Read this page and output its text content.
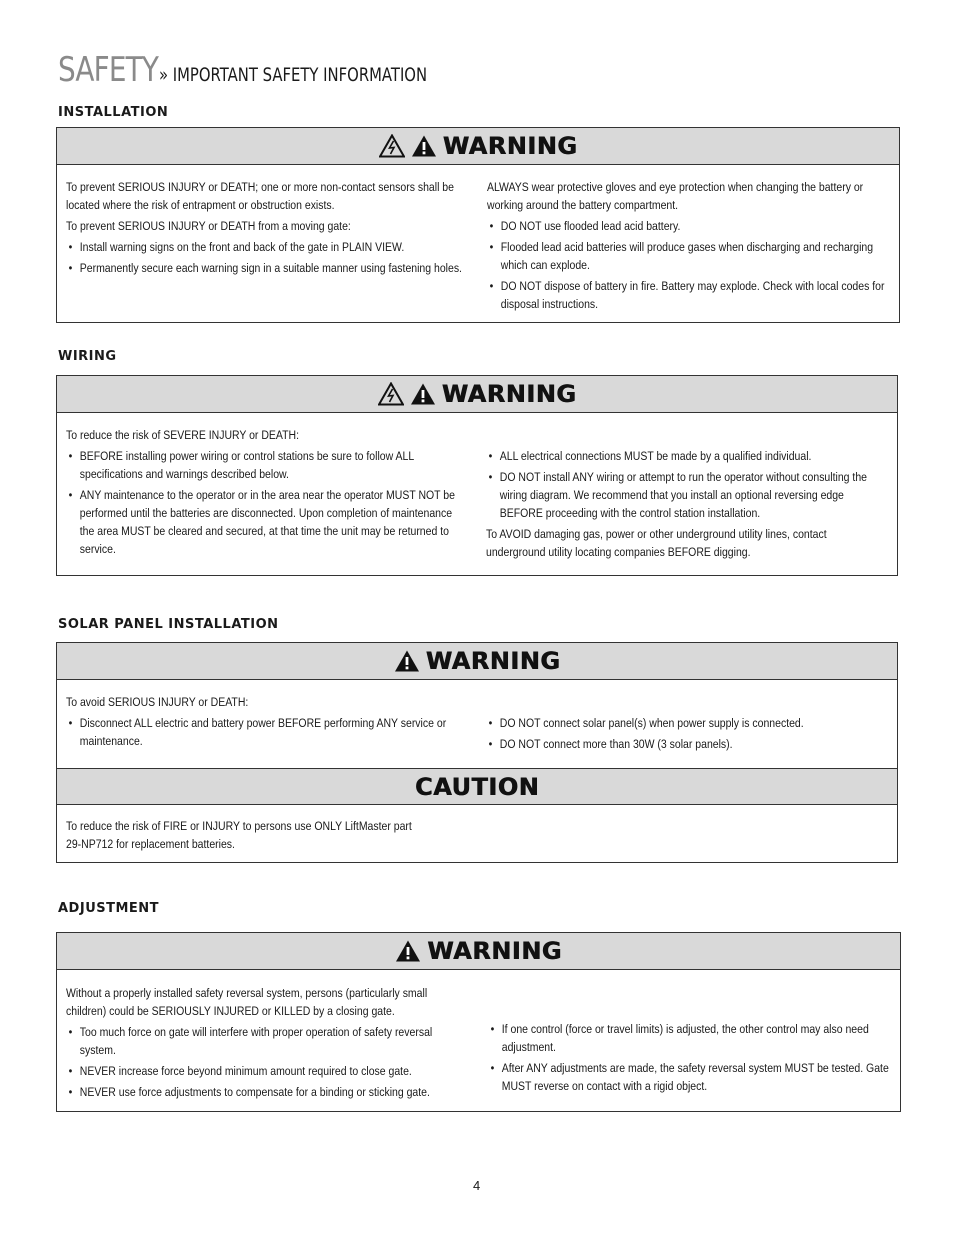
SAFETY » IMPORTANT SAFETY INFORMATION
INSTALLATION
WARNING
To prevent SERIOUS INJURY or DEATH; one or more non-contact sensors shall be located where the risk of entrapment or obstruction exists.
To prevent SERIOUS INJURY or DEATH from a moving gate:
• Install warning signs on the front and back of the gate in PLAIN VIEW.
• Permanently secure each warning sign in a suitable manner using fastening holes.
ALWAYS wear protective gloves and eye protection when changing the battery or working around the battery compartment.
• DO NOT use flooded lead acid battery.
• Flooded lead acid batteries will produce gases when discharging and recharging which can explode.
• DO NOT dispose of battery in fire. Battery may explode. Check with local codes for disposal instructions.
WIRING
WARNING
To reduce the risk of SEVERE INJURY or DEATH:
• BEFORE installing power wiring or control stations be sure to follow ALL specifications and warnings described below.
• ANY maintenance to the operator or in the area near the operator MUST NOT be performed until the batteries are disconnected. Upon completion of maintenance the area MUST be cleared and secured, at that time the unit may be returned to service.
• ALL electrical connections MUST be made by a qualified individual.
• DO NOT install ANY wiring or attempt to run the operator without consulting the wiring diagram. We recommend that you install an optional reversing edge BEFORE proceeding with the control station installation.
To AVOID damaging gas, power or other underground utility lines, contact underground utility locating companies BEFORE digging.
SOLAR PANEL INSTALLATION
WARNING
To avoid SERIOUS INJURY or DEATH:
• Disconnect ALL electric and battery power BEFORE performing ANY service or maintenance.
• DO NOT connect solar panel(s) when power supply is connected.
• DO NOT connect more than 30W (3 solar panels).
CAUTION
To reduce the risk of FIRE or INJURY to persons use ONLY LiftMaster part
29-NP712 for replacement batteries.
ADJUSTMENT
WARNING
Without a properly installed safety reversal system, persons (particularly small children) could be SERIOUSLY INJURED or KILLED by a closing gate.
• Too much force on gate will interfere with proper operation of safety reversal system.
• NEVER increase force beyond minimum amount required to close gate.
• NEVER use force adjustments to compensate for a binding or sticking gate.
• If one control (force or travel limits) is adjusted, the other control may also need adjustment.
• After ANY adjustments are made, the safety reversal system MUST be tested. Gate MUST reverse on contact with a rigid object.
4
